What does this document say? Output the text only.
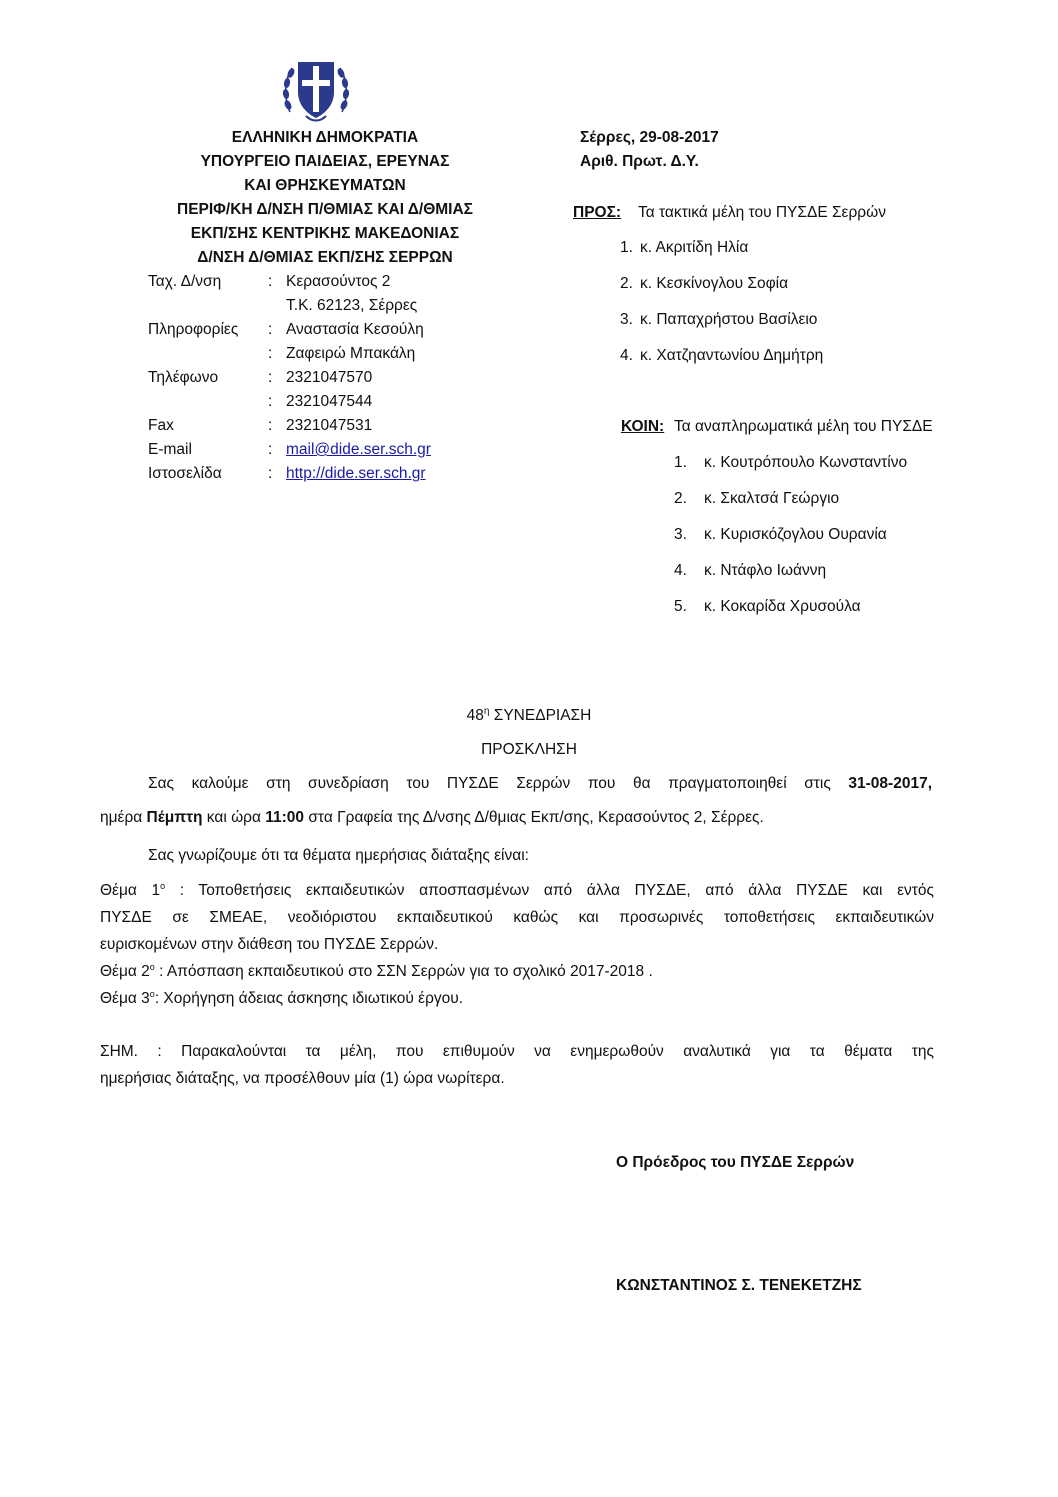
ΕΛΛΗΝΙΚΗ ΔΗΜΟΚΡΑΤΙΑ
ΥΠΟΥΡΓΕΙΟ ΠΑΙΔΕΙΑΣ, ΕΡΕΥΝΑΣ
ΚΑΙ ΘΡΗΣΚΕΥΜΑΤΩΝ
ΠΕΡΙΦ/ΚΗ Δ/ΝΣΗ Π/ΘΜΙΑΣ ΚΑΙ Δ/ΘΜΙΑΣ
ΕΚΠ/ΣΗΣ ΚΕΝΤΡΙΚΗΣ ΜΑΚΕΔΟΝΙΑΣ
Δ/ΝΣΗ Δ/ΘΜΙΑΣ ΕΚΠ/ΣΗΣ ΣΕΡΡΩΝ
Ταχ. Δ/νση	: Κερασούντος 2
Τ.Κ. 62123, Σέρρες
Πληροφορίες : Αναστασία Κεσούλη
: Ζαφειρώ Μπακάλη
Τηλέφωνο	: 2321047570
: 2321047544
Fax	: 2321047531
E-mail	: mail@dide.ser.sch.gr
Ιστοσελίδα	: http://dide.ser.sch.gr
Σέρρες, 29-08-2017
Αριθ. Πρωτ. Δ.Υ.
ΠΡΟΣ: Τα τακτικά μέλη του ΠΥΣΔΕ Σερρών
1. κ. Ακριτίδη Ηλία
2. κ. Κεσκίνογλου Σοφία
3. κ. Παπαχρήστου Βασίλειο
4. κ. Χατζηαντωνίου Δημήτρη
ΚΟΙΝ: Τα αναπληρωματικά μέλη του ΠΥΣΔΕ
1. κ. Κουτρόπουλο Κωνσταντίνο
2. κ. Σκαλτσά Γεώργιο
3. κ. Κυρισκόζογλου Ουρανία
4. κ. Ντάφλο Ιωάννη
5. κ. Κοκαρίδα Χρυσούλα
$48^\eta$ ΣΥΝΕΔΡΙΑΣΗ
ΠΡΟΣΚΛΗΣΗ
Σας καλούμε στη συνεδρίαση του ΠΥΣΔΕ Σερρών που θα πραγματοποιηθεί στις 31-08-2017,
ημέρα Πέμπτη και ώρα 11:00 στα Γραφεία της Δ/νσης Δ/θμιας Εκπ/σης, Κερασούντος 2, Σέρρες.
Σας γνωρίζουμε ότι τα θέματα ημερήσιας διάταξης είναι:
Θέμα $1^o$ : Τοποθετήσεις εκπαιδευτικών αποσπασμένων από άλλα ΠΥΣΔΕ, από άλλα ΠΥΣΔΕ και εντός
ΠΥΣΔΕ σε ΣΜΕΑΕ, νεοδιόριστου εκπαιδευτικού καθώς και προσωρινές τοποθετήσεις εκπαιδευτικών
ευρισκομένων στην διάθεση του ΠΥΣΔΕ Σερρών.
Θέμα $2^o$ : Απόσπαση εκπαιδευτικού στο ΣΣΝ Σερρών για το σχολικό 2017-2018 .
Θέμα $3^o$: Χορήγηση άδειας άσκησης ιδιωτικού έργου.
ΣΗΜ. : Παρακαλούνται τα μέλη, που επιθυμούν να ενημερωθούν αναλυτικά για τα θέματα της
ημερήσιας διάταξης, να προσέλθουν μία (1) ώρα νωρίτερα.
Ο Πρόεδρος του ΠΥΣΔΕ Σερρών
ΚΩΝΣΤΑΝΤΙΝΟΣ Σ. ΤΕΝΕΚΕΤΖΗΣ
